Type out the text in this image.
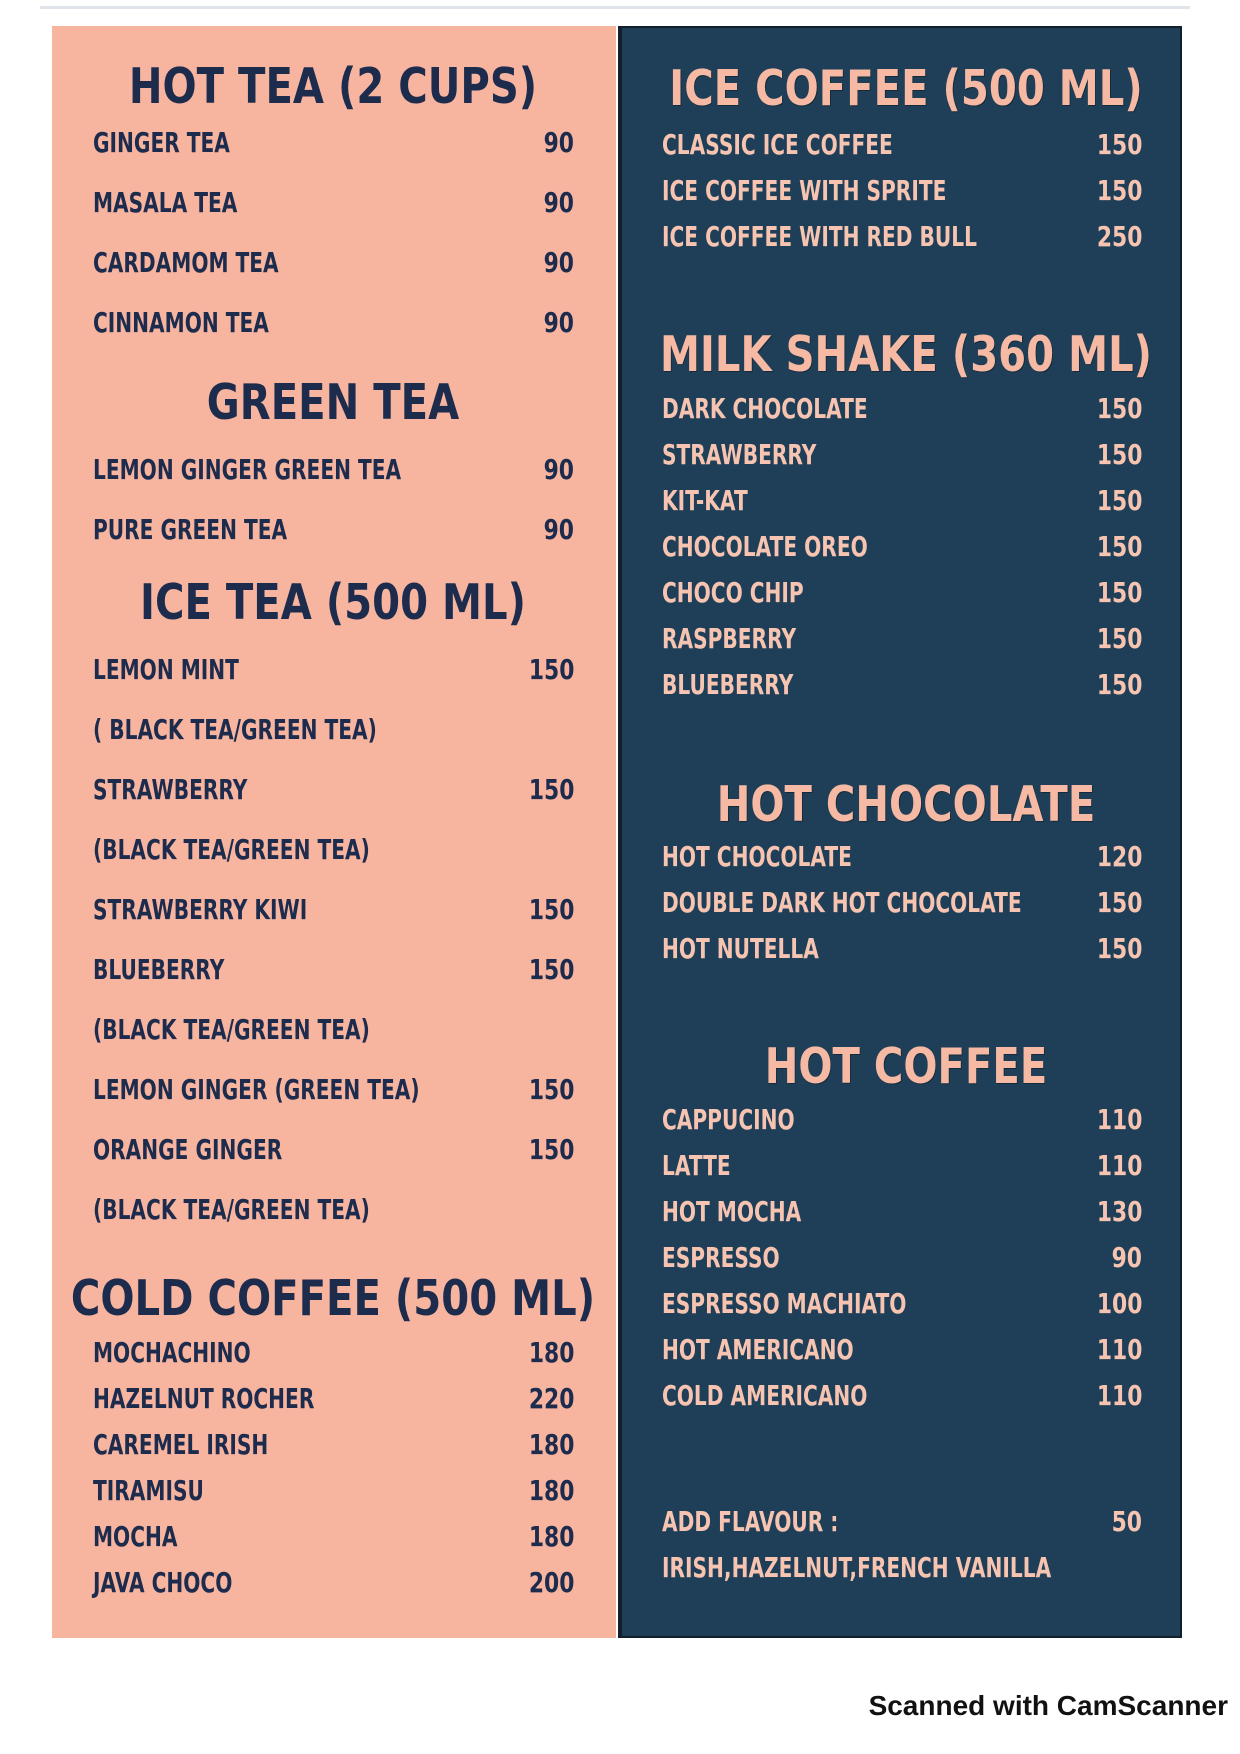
HOT TEA (2 CUPS)
GINGER TEA	90
MASALA TEA	90
CARDAMOM TEA	90
CINNAMON TEA	90
GREEN TEA
LEMON GINGER GREEN TEA	90
PURE GREEN TEA	90
ICE TEA (500 ML)
LEMON MINT	150
( BLACK TEA/GREEN TEA)
STRAWBERRY	150
(BLACK TEA/GREEN TEA)
STRAWBERRY KIWI	150
BLUEBERRY	150
(BLACK TEA/GREEN TEA)
LEMON GINGER (GREEN TEA)	150
ORANGE GINGER	150
(BLACK TEA/GREEN TEA)
COLD COFFEE (500 ML)
MOCHACHINO	180
HAZELNUT ROCHER	220
CAREMEL IRISH	180
TIRAMISU	180
MOCHA	180
JAVA CHOCO	200
ICE COFFEE (500 ML)
CLASSIC ICE COFFEE	150
ICE COFFEE WITH SPRITE	150
ICE COFFEE WITH RED BULL	250
MILK SHAKE (360 ML)
DARK CHOCOLATE	150
STRAWBERRY	150
KIT-KAT	150
CHOCOLATE OREO	150
CHOCO CHIP	150
RASPBERRY	150
BLUEBERRY	150
HOT CHOCOLATE
HOT CHOCOLATE	120
DOUBLE DARK HOT CHOCOLATE	150
HOT NUTELLA	150
HOT COFFEE
CAPPUCINO	110
LATTE	110
HOT MOCHA	130
ESPRESSO	90
ESPRESSO MACHIATO	100
HOT AMERICANO	110
COLD AMERICANO	110
ADD FLAVOUR :	50
IRISH,HAZELNUT,FRENCH VANILLA
Scanned with CamScanner
